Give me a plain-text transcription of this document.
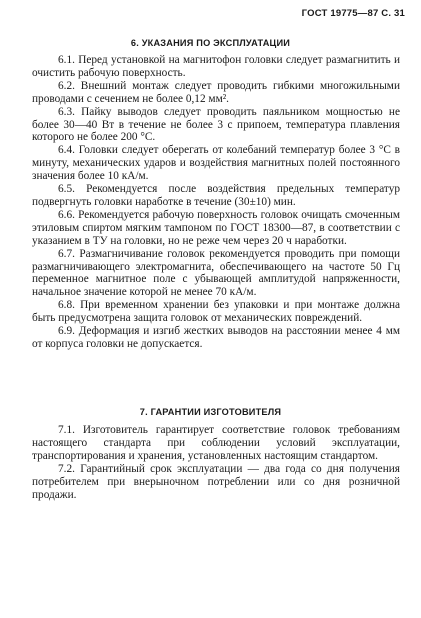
ГОСТ 19775—87 С. 31
6. УКАЗАНИЯ ПО ЭКСПЛУАТАЦИИ

6.1. Перед установкой на магнитофон головки следует размагнитить и очистить рабочую поверхность.

6.2. Внешний монтаж следует проводить гибкими многожильными проводами с сечением не более 0,12 мм².

6.3. Пайку выводов следует проводить паяльником мощностью не более 30—40 Вт в течение не более 3 с припоем, температура плавления которого не более 200 °С.

6.4. Головки следует оберегать от колебаний температур более 3 °С в минуту, механических ударов и воздействия магнитных полей постоянного значения более 10 кА/м.

6.5. Рекомендуется после воздействия предельных температур подвергнуть головки наработке в течение (30±10) мин.

6.6. Рекомендуется рабочую поверхность головок очищать смоченным этиловым спиртом мягким тампоном по ГОСТ 18300—87, в соответствии с указанием в ТУ на головки, но не реже чем через 20 ч наработки.

6.7. Размагничивание головок рекомендуется проводить при помощи размагничивающего электромагнита, обеспечивающего на частоте 50 Гц переменное магнитное поле с убывающей амплитудой напряженности, начальное значение которой не менее 70 кА/м.

6.8. При временном хранении без упаковки и при монтаже должна быть предусмотрена защита головок от механических повреждений.

6.9. Деформация и изгиб жестких выводов на расстоянии менее 4 мм от корпуса головки не допускается.

7. ГАРАНТИИ ИЗГОТОВИТЕЛЯ

7.1. Изготовитель гарантирует соответствие головок требованиям настоящего стандарта при соблюдении условий эксплуатации, транспортирования и хранения, установленных настоящим стандартом.

7.2. Гарантийный срок эксплуатации — два года со дня получения потребителем при внерыночном потреблении или со дня розничной продажи.
